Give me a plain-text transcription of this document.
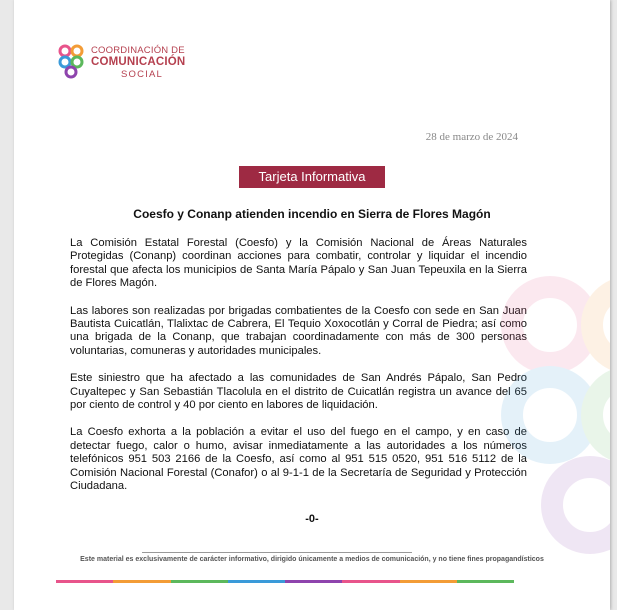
COORDINACIÓN DE
COMUNICACIÓN
SOCIAL
28 de marzo de 2024
Tarjeta Informativa
Coesfo y Conanp atienden incendio en Sierra de Flores Magón

La Comisión Estatal Forestal (Coesfo) y la Comisión Nacional de Áreas Naturales Protegidas (Conanp) coordinan acciones para combatir, controlar y liquidar el incendio forestal que afecta los municipios de Santa María Pápalo y San Juan Tepeuxila en la Sierra de Flores Magón.

Las labores son realizadas por brigadas combatientes de la Coesfo con sede en San Juan Bautista Cuicatlán, Tlalixtac de Cabrera, El Tequio Xoxocotlán y Corral de Piedra; así como una brigada de la Conanp, que trabajan coordinadamente con más de 300 personas voluntarias, comuneras y autoridades municipales.

Este siniestro que ha afectado a las comunidades de San Andrés Pápalo, San Pedro Cuyaltepec y San Sebastián Tlacolula en el distrito de Cuicatlán registra un avance del 65 por ciento de control y 40 por ciento en labores de liquidación.

La Coesfo exhorta a la población a evitar el uso del fuego en el campo, y en caso de detectar fuego, calor o humo, avisar inmediatamente a las autoridades a los números telefónicos 951 503 2166 de la Coesfo, así como al 951 515 0520, 951 516 5112 de la Comisión Nacional Forestal (Conafor) o al 9-1-1 de la Secretaría de Seguridad y Protección Ciudadana.

-0-
Este material es exclusivamente de carácter informativo, dirigido únicamente a medios de comunicación, y no tiene fines propagandísticos
